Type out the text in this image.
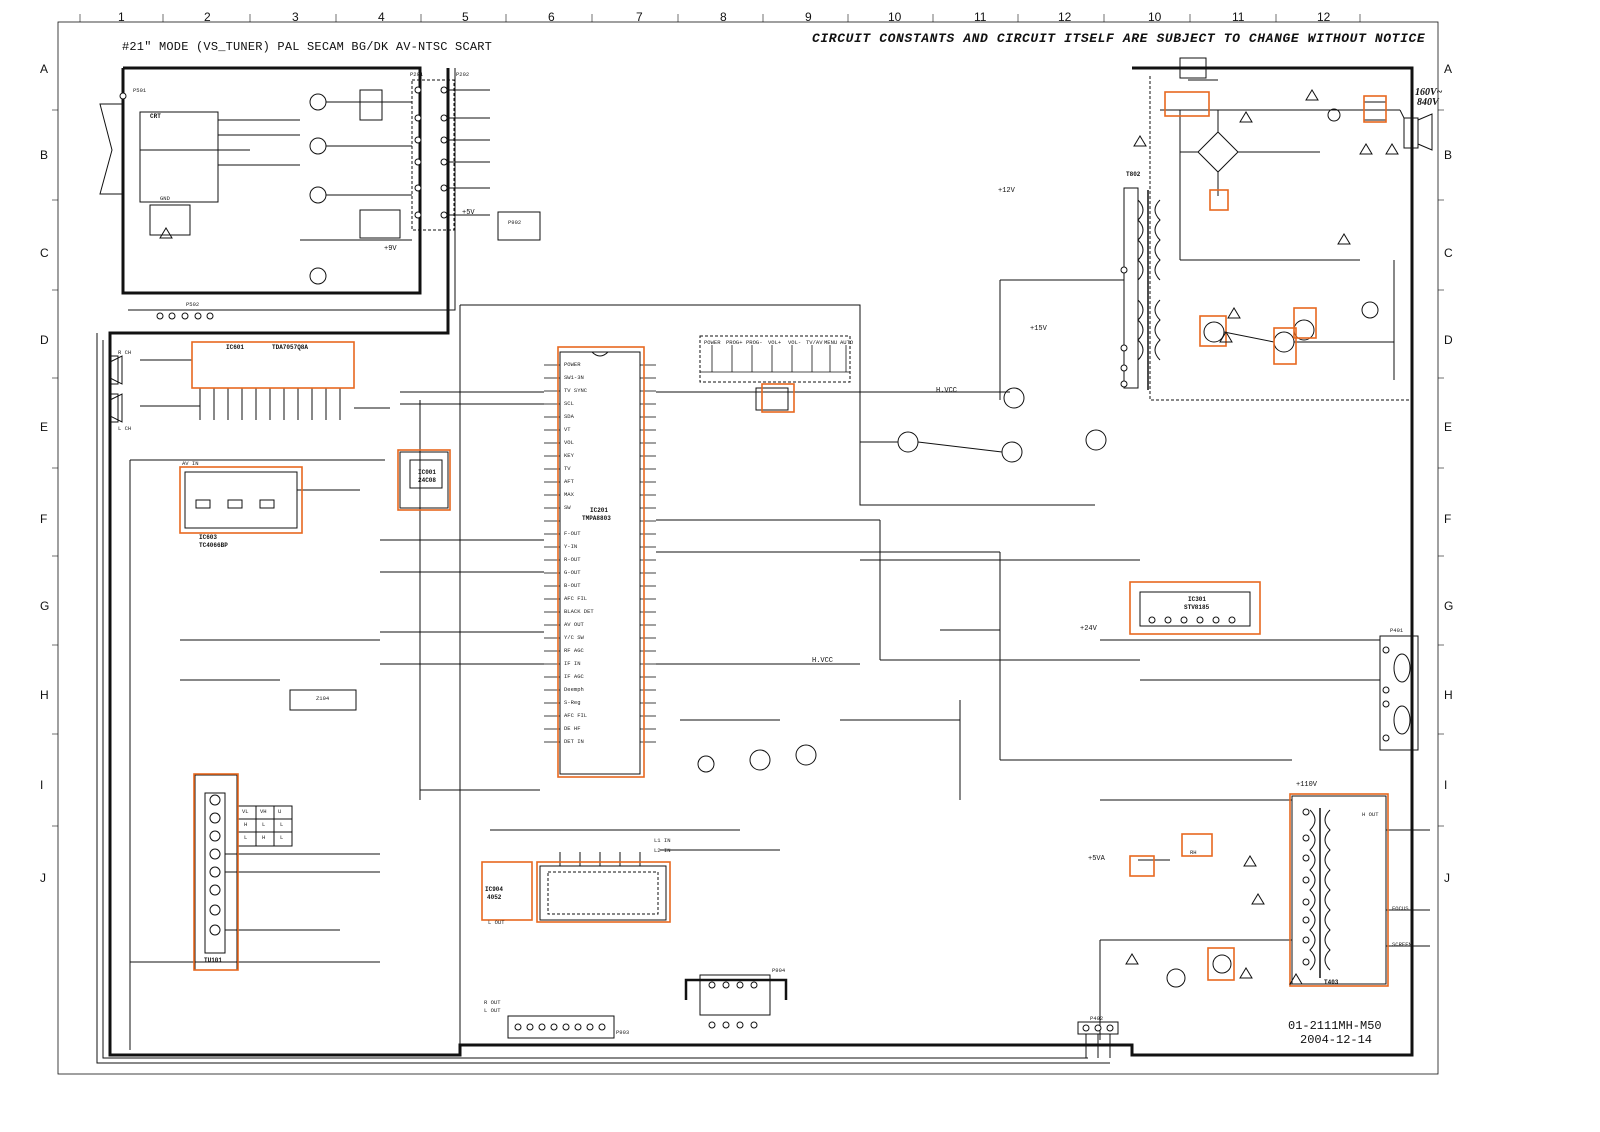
#21" MODE (VS_TUNER) PAL SECAM BG/DK AV-NTSC SCART
CIRCUIT CONSTANTS AND CIRCUIT ITSELF ARE SUBJECT TO CHANGE WITHOUT NOTICE
01-2111MH-M50
2004-12-14
160V~
840V
1	2	3	4	5	6	7	8	9	10	11	12	10	11	12
A
B
C
D
E
F
G
H
I
J
A
B
C
D
E
F
G
H
I
J
CRT
P501
P502
P201	P202
IC601	TDA7057Q8A
R CH
L CH
AV IN
IC603
TC4066BP
IC001
24C08
IC201
TMPA8803
IC301
STV8185
IC904
4052
TU101
T802
T403
P401
P402
P902
P903
P904
Z104
H.VCC
H.VCC
+24V
+5V
+9V
+12V
+15V
+110V
+5VA
POWER
SW1-3N
TV SYNC
SCL
SDA
VT
VOL
KEY
TV
AFT
MAX
SW
F-OUT
Y-IN
R-OUT
G-OUT
B-OUT
AFC FIL
BLACK DET
AV OUT
Y/C SW
RF AGC
IF IN
IF AGC
Deemph
S-Reg
AFC FIL
DE HF
DET IN
POWER PROG+ PROG- VOL+ VOL- TV/AV MENU AUTO
VL VH U
H	L	L
L	H	L
H OUT
FOCUS
SCREEN
R OUT
L OUT
L OUT
L1 IN
L2 IN	RH
GND
